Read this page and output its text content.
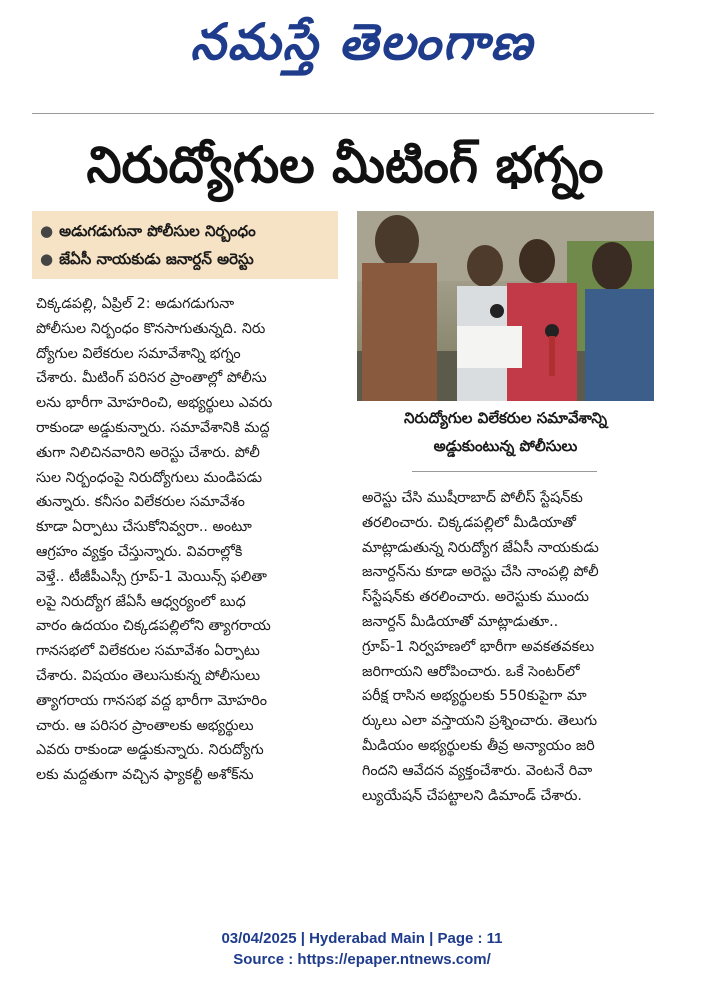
నమస్తే తెలంగాణ
నిరుద్యోగుల మీటింగ్ భగ్నం
● అడుగడుగునా పోలీసుల నిర్బంధం
● జేఏసీ నాయకుడు జనార్దన్ అరెస్టు

చిక్కడపల్లి, ఏప్రిల్ 2: అడుగడుగునా

పోలీసుల నిర్బంధం కొనసాగుతున్నది. నిరు

ద్యోగుల విలేకరుల సమావేశాన్ని భగ్నం

చేశారు. మీటింగ్ పరిసర ప్రాంతాల్లో పోలీసు

లను భారీగా మోహరించి, అభ్యర్థులు ఎవరు

రాకుండా అడ్డుకున్నారు. సమావేశానికి మద్ద

తుగా నిలిచినవారిని అరెస్టు చేశారు. పోలీ

సుల నిర్బంధంపై నిరుద్యోగులు మండిపడు

తున్నారు. కనీసం విలేకరుల సమావేశం

కూడా ఏర్పాటు చేసుకోనివ్వరా.. అంటూ

ఆగ్రహం వ్యక్తం చేస్తున్నారు. వివరాల్లోకి

వెళ్తే.. టీజీపీఎస్సీ గ్రూప్-1 మెయిన్స్ ఫలితా

లపై నిరుద్యోగ జేఏసీ ఆధ్వర్యంలో బుధ

వారం ఉదయం చిక్కడపల్లిలోని త్యాగరాయ

గానసభలో విలేకరుల సమావేశం ఏర్పాటు

చేశారు. విషయం తెలుసుకున్న పోలీసులు

త్యాగరాయ గానసభ వద్ద భారీగా మోహరిం

చారు. ఆ పరిసర ప్రాంతాలకు అభ్యర్థులు

ఎవరు రాకుండా అడ్డుకున్నారు. నిరుద్యోగు

లకు మద్దతుగా వచ్చిన ఫ్యాకల్టీ అశోక్‌ను

నిరుద్యోగుల విలేకరుల సమావేశాన్ని

అడ్డుకుంటున్న పోలీసులు

అరెస్టు చేసి ముషీరాబాద్ పోలీస్ స్టేషన్‌కు

తరలించారు. చిక్కడపల్లిలో మీడియాతో

మాట్లాడుతున్న నిరుద్యోగ జేఏసీ నాయకుడు

జనార్దన్‌ను కూడా అరెస్టు చేసి నాంపల్లి పోలీ

స్‌స్టేషన్‌కు తరలించారు. అరెస్టుకు ముందు

జనార్దన్ మీడియాతో మాట్లాడుతూ..

గ్రూప్-1 నిర్వహణలో భారీగా అవకతవకలు

జరిగాయని ఆరోపించారు. ఒకే సెంటర్‌లో

పరీక్ష రాసిన అభ్యర్థులకు 550కుపైగా మా

ర్కులు ఎలా వస్తాయని ప్రశ్నించారు. తెలుగు

మీడియం అభ్యర్థులకు తీవ్ర అన్యాయం జరి

గిందని ఆవేదన వ్యక్తంచేశారు. వెంటనే రివా

ల్యుయేషన్ చేపట్టాలని డిమాండ్ చేశారు.

03/04/2025 | Hyderabad Main | Page : 11
Source : https://epaper.ntnews.com/
